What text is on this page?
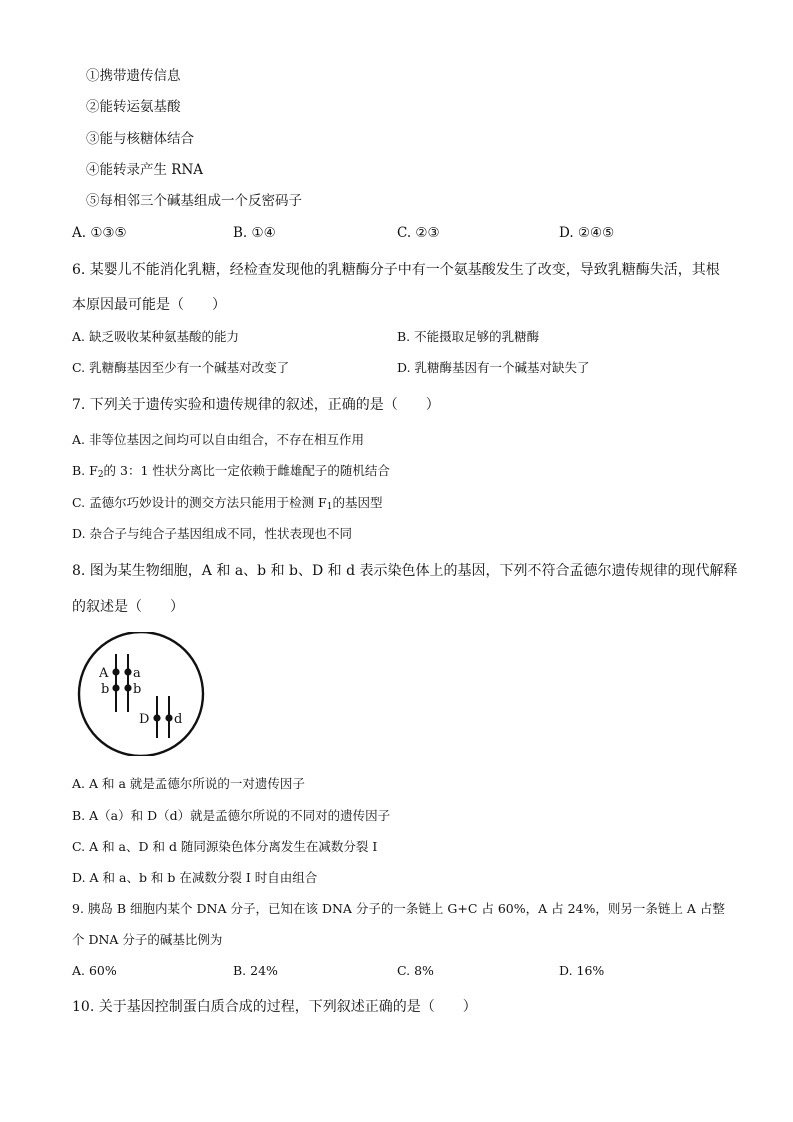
①携带遗传信息
②能转运氨基酸
③能与核糖体结合
④能转录产生 RNA
⑤每相邻三个碱基组成一个反密码子
A. ①③⑤	B. ①④	C. ②③	D. ②④⑤
6. 某婴儿不能消化乳糖，经检查发现他的乳糖酶分子中有一个氨基酸发生了改变，导致乳糖酶失活，其根
本原因最可能是（　　）
A. 缺乏吸收某种氨基酸的能力	B. 不能摄取足够的乳糖酶
C. 乳糖酶基因至少有一个碱基对改变了	D. 乳糖酶基因有一个碱基对缺失了
7. 下列关于遗传实验和遗传规律的叙述，正确的是（　　）
A. 非等位基因之间均可以自由组合，不存在相互作用
B. $F_2$的 3：1 性状分离比一定依赖于雌雄配子的随机结合
C. 孟德尔巧妙设计的测交方法只能用于检测 $F_1$的基因型
D. 杂合子与纯合子基因组成不同，性状表现也不同
8. 图为某生物细胞，A 和 a、b 和 b、D 和 d 表示染色体上的基因，下列不符合孟德尔遗传规律的现代解释
的叙述是（　　）
A a
b b
D d
A. A 和 a 就是孟德尔所说的一对遗传因子
B. A（a）和 D（d）就是孟德尔所说的不同对的遗传因子
C. A 和 a、D 和 d 随同源染色体分离发生在减数分裂 I
D. A 和 a、b 和 b 在减数分裂 I 时自由组合
9. 胰岛 B 细胞内某个 DNA 分子，已知在该 DNA 分子的一条链上 G+C 占 60%，A 占 24%，则另一条链上 A 占整
个 DNA 分子的碱基比例为
A. 60%	B. 24%	C. 8%	D. 16%
10. 关于基因控制蛋白质合成的过程，下列叙述正确的是（　　）
